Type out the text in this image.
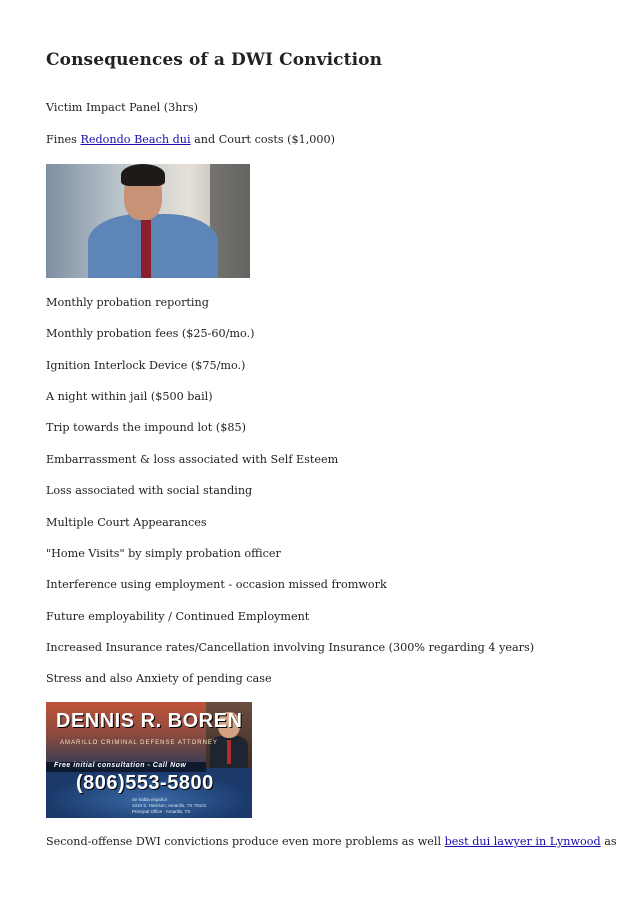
Consequences of a DWI Conviction
Victim Impact Panel (3hrs)
Fines Redondo Beach dui and Court costs ($1,000)
Monthly probation reporting
Monthly probation fees ($25-60/mo.)
Ignition Interlock Device ($75/mo.)
A night within jail ($500 bail)
Trip towards the impound lot ($85)
Embarrassment & loss associated with Self Esteem
Loss associated with social standing
Multiple Court Appearances
"Home Visits" by simply probation officer
Interference using employment - occasion missed fromwork
Future employability / Continued Employment
Increased Insurance rates/Cancellation involving Insurance (300% regarding 4 years)
Stress and also Anxiety of pending case
DENNIS R. BOREN
AMARILLO CRIMINAL DEFENSE ATTORNEY
Free initial consultation - Call Now
(806)553-5800
Se habla español
1010 S. Harrison, Amarillo, TX 79101
Principal Office · Amarillo, TX
Second-offense DWI convictions produce even more problems as well best dui lawyer in Lynwood as
